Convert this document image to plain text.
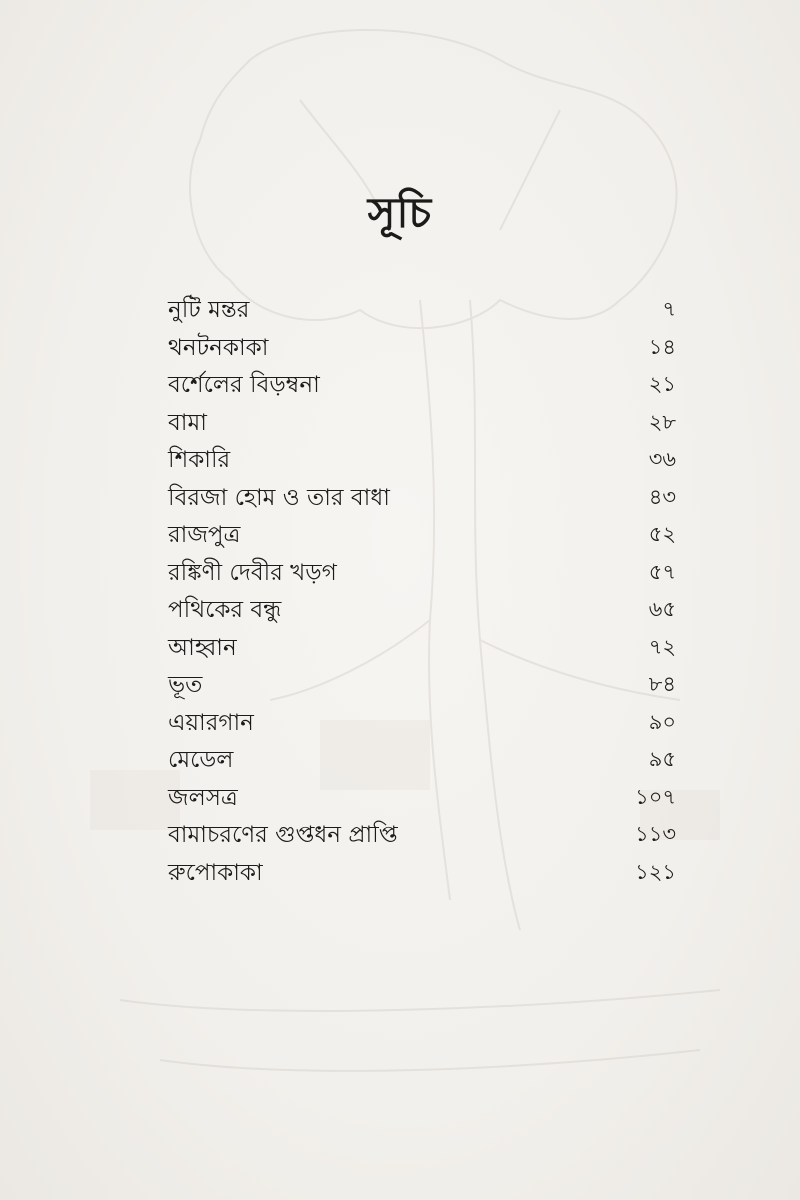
সূচি
নুটি মন্তর	৭
থনটনকাকা	১৪
বর্শেলের বিড়ম্বনা	২১
বামা	২৮
শিকারি	৩৬
বিরজা হোম ও তার বাধা	৪৩
রাজপুত্র	৫২
রঙ্কিণী দেবীর খড়গ	৫৭
পথিকের বন্ধু	৬৫
আহ্বান	৭২
ভূত	৮৪
এয়ারগান	৯০
মেডেল	৯৫
জলসত্র	১০৭
বামাচরণের গুপ্তধন প্রাপ্তি	১১৩
রুপোকাকা	১২১
